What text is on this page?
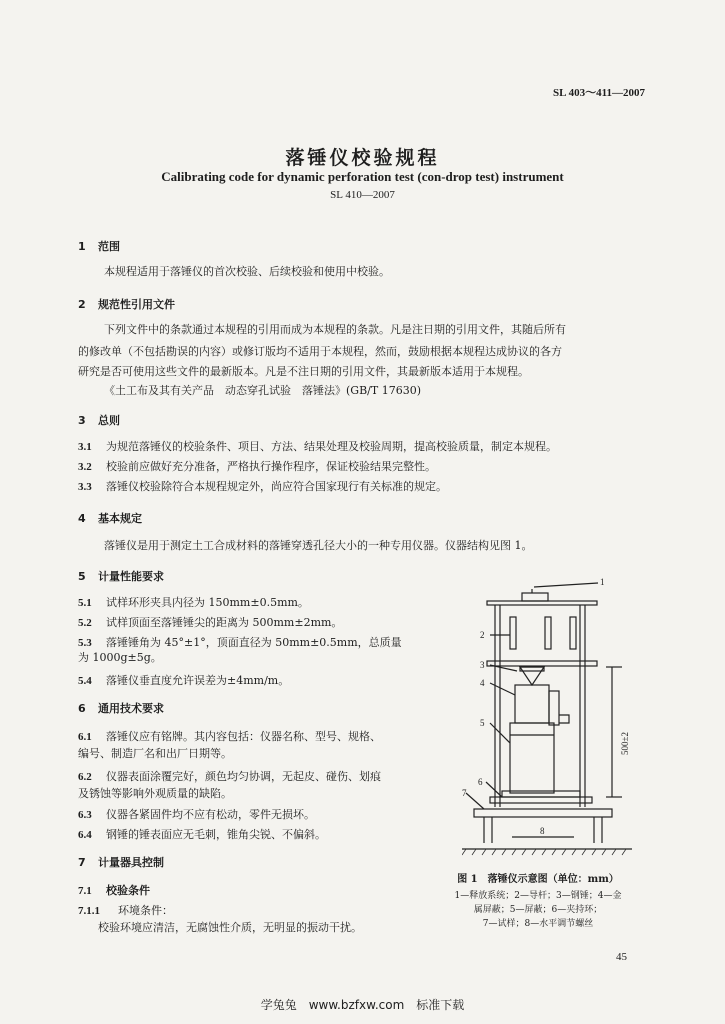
SL 403～411—2007
落锤仪校验规程
Calibrating code for dynamic perforation test (con-drop test) instrument
SL 410—2007
1 范围
本规程适用于落锤仪的首次校验、后续校验和使用中校验。
2 规范性引用文件
下列文件中的条款通过本规程的引用而成为本规程的条款。凡是注日期的引用文件，其随后所有
的修改单（不包括勘误的内容）或修订版均不适用于本规程，然而，鼓励根据本规程达成协议的各方
研究是否可使用这些文件的最新版本。凡是不注日期的引用文件，其最新版本适用于本规程。
《土工布及其有关产品　动态穿孔试验　落锤法》(GB/T 17630)
3 总则
3.1 为规范落锤仪的校验条件、项目、方法、结果处理及校验周期，提高校验质量，制定本规程。
3.2 校验前应做好充分准备，严格执行操作程序，保证校验结果完整性。
3.3 落锤仪校验除符合本规程规定外，尚应符合国家现行有关标准的规定。
4 基本规定
落锤仪是用于测定土工合成材料的落锤穿透孔径大小的一种专用仪器。仪器结构见图 1。
5 计量性能要求
5.1 试样环形夹具内径为 150mm±0.5mm。
5.2 试样顶面至落锤锤尖的距离为 500mm±2mm。
5.3 落锤锤角为 45°±1°，顶面直径为 50mm±0.5mm，总质量
为 1000g±5g。
5.4 落锤仪垂直度允许误差为±4mm/m。
6 通用技术要求
6.1 落锤仪应有铭牌。其内容包括：仪器名称、型号、规格、
编号、制造厂名和出厂日期等。
6.2 仪器表面涂覆完好，颜色均匀协调，无起皮、碰伤、划痕
及锈蚀等影响外观质量的缺陷。
6.3 仪器各紧固件均不应有松动，零件无损坏。
6.4 钢锤的锤表面应无毛刺，锥角尖锐、不偏斜。
7 计量器具控制
7.1 校验条件
7.1.1 环境条件：
校验环境应清洁，无腐蚀性介质，无明显的振动干扰。
1
2
3
4
5
6
7
8
500±2
图 1　落锤仪示意图（单位：mm）
1—释放系统；2—导杆；3—钢锤；4—金
属屏蔽；5—屏蔽；6—夹持环；
7—试样；8—水平调节螺丝
45
学兔兔　www.bzfxw.com　标准下载
